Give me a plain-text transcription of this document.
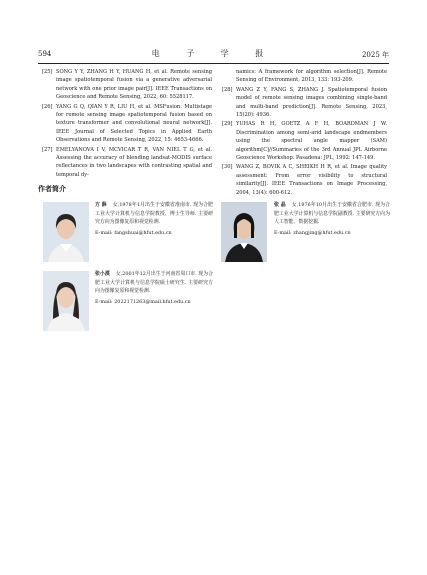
594	电 子 学 报	2025 年
[25] SONG Y Y, ZHANG H Y, HUANG H, et al. Remote sensing image spatiotemporal fusion via a generative adversarial network with one prior image pair[J]. IEEE Transactions on Geoscience and Remote Sensing, 2022, 60: 5528117.
[26] YANG G Q, QIAN Y R, LIU H, et al. MSFusion: Multistage for remote sensing image spatiotemporal fusion based on texture transformer and convolutional neural network[J]. IEEE Journal of Selected Topics in Applied Earth Observations and Remote Sensing, 2022, 15: 4653-4666.
[27] EMELYANOVA I V, MCVICAR T R, VAN NIEL T G, et al. Assessing the accuracy of blending landsat-MODIS surface reflectances in two landscapes with contrasting spatial and temporal dy-
namics: A framework for algorithm selection[J]. Remote Sensing of Environment, 2013, 133: 193-209.
[28] WANG Z Y, FANG S, ZHANG J. Spatiotemporal fusion model of remote sensing images combining single-band and multi-band prediction[J]. Remote Sensing, 2023, 15(20): 4936.
[29] YUHAS R H, GOETZ A F H, BOARDMAN J W. Discrimination among semi-arid landscape endmembers using the spectral angle mapper (SAM) algorithm[C]//Summaries of the 3rd Annual JPL Airborne Geoscience Workshop. Pasadena: JPL, 1992: 147-149.
[30] WANG Z, BOVIK A C, SHEIKH H R, et al. Image quality assessment: From error visibility to structural similarity[J]. IEEE Transactions on Image Processing, 2004, 13(4): 600-612.
作者简介
方 薛 女,1978年1月出生于安徽省淮南市. 现为合肥工业大学计算机与信息学院教授、博士生导师. 主要研究方向为图像复原和视觉检测.
E-mail: fangshuai@hfut.edu.cn
张 晶 女,1976年10月出生于安徽省合肥市. 现为合肥工业大学计算机与信息学院副教授. 主要研究方向为人工智能、数据挖掘.
E-mail: zhangjing@hfut.edu.cn
张小漠 女,2001年12月出生于河南省周口市. 现为合肥工业大学计算机与信息学院硕士研究生. 主要研究方向为图像复原和视觉检测.
E-mail: 2022171263@mail.hfut.edu.cn
